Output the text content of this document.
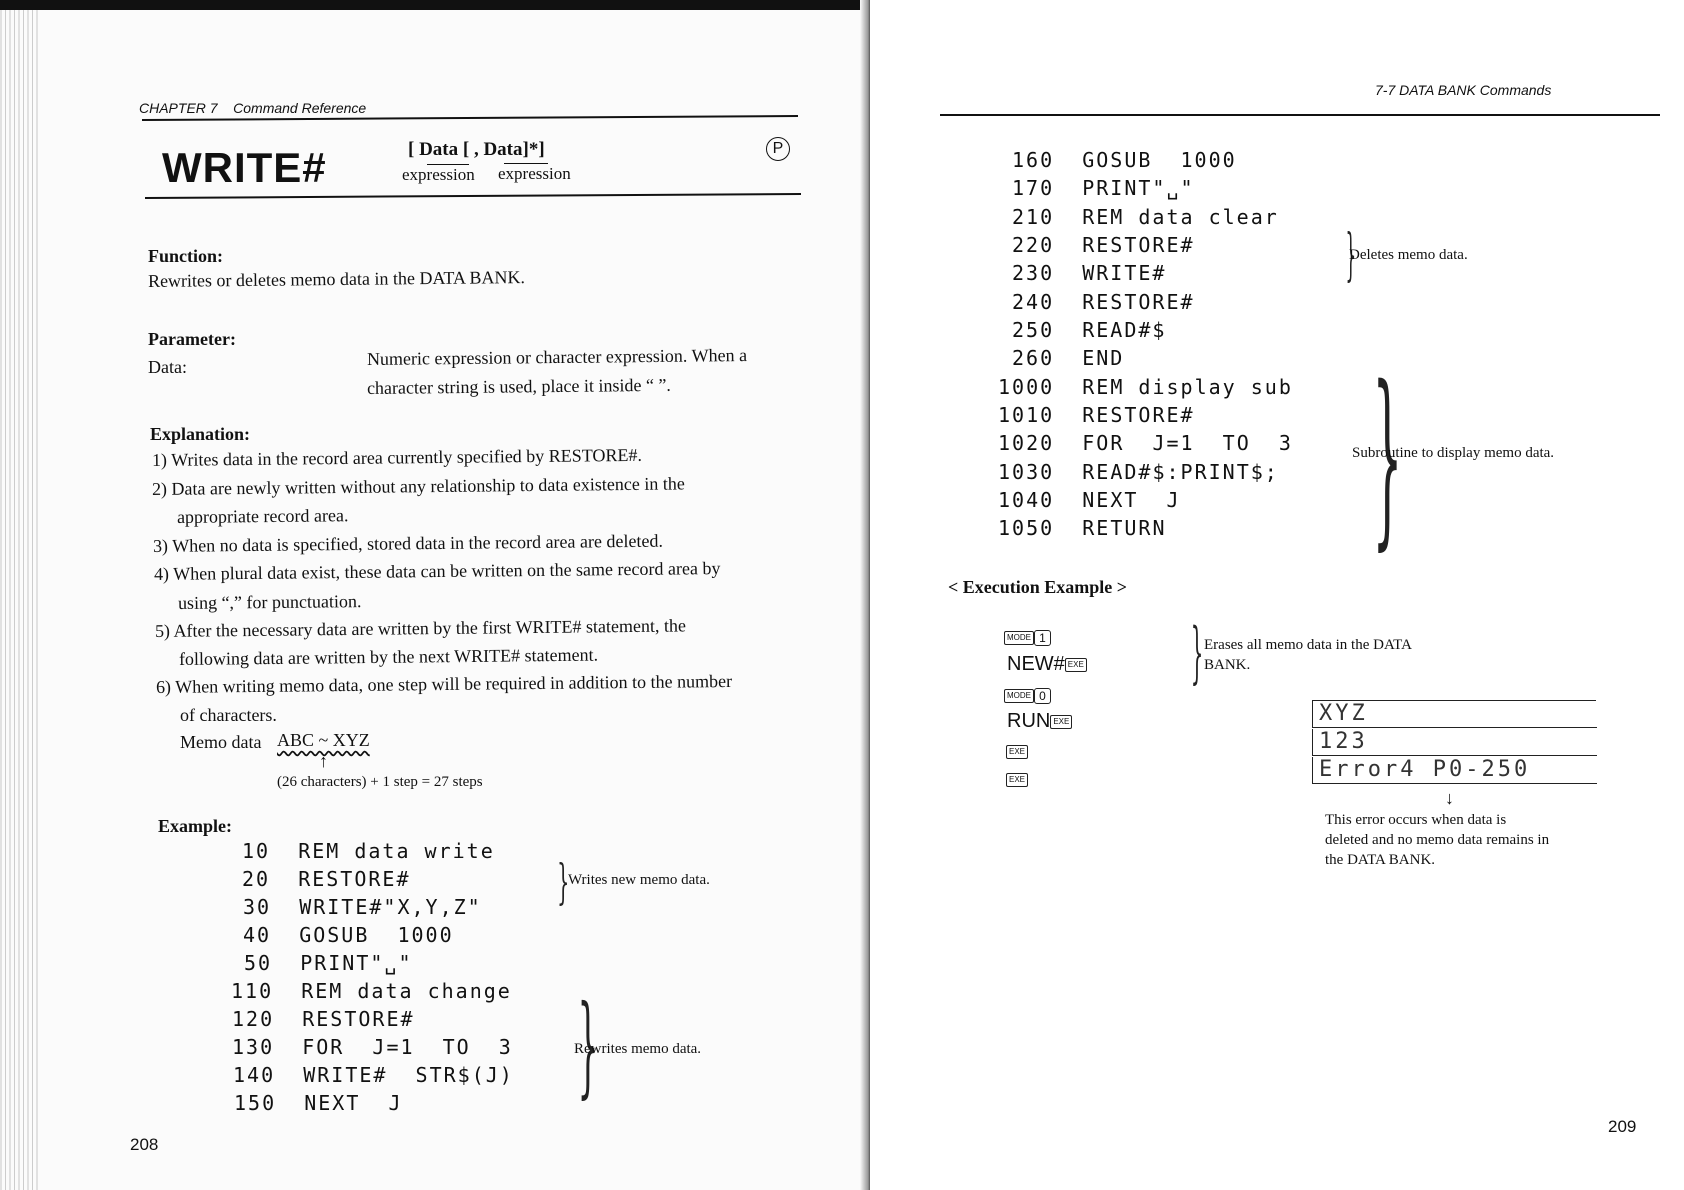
CHAPTER 7 Command Reference
WRITE#	[ Data [ , Data]*]
expression expression
P
Function:
Rewrites or deletes memo data in the DATA BANK.
Parameter:
Data:	Numeric expression or character expression. When a
character string is used, place it inside “ ”.
Explanation:
1) Writes data in the record area currently specified by RESTORE#.
2) Data are newly written without any relationship to data existence in the
appropriate record area.
3) When no data is specified, stored data in the record area are deleted.
4) When plural data exist, these data can be written on the same record area by
using “,” for punctuation.
5) After the necessary data are written by the first WRITE# statement, the
following data are written by the next WRITE# statement.
6) When writing memo data, one step will be required in addition to the number
of characters.
Memo data ABC ~ XYZ
↑
(26 characters) + 1 step = 27 steps
Example:
10 REM data write
20 RESTORE#
30 WRITE#"X,Y,Z"
40 GOSUB  1000
50 PRINT"␣"
110 REM data change
120 RESTORE#
130 FOR  J=1  TO  3
140 WRITE#  STR$(J)
150 NEXT  J
}
Writes new memo data.
}
Rewrites memo data.
208
7-7 DATA BANK Commands
160 GOSUB  1000
170 PRINT"␣"
210 REM data clear
220 RESTORE#
230 WRITE#
240 RESTORE#
250 READ#$
260 END
1000 REM display sub
1010 RESTORE#
1020 FOR  J=1  TO  3
1030 READ#$:PRINT$;
1040 NEXT  J
1050 RETURN
}
Deletes memo data.
}
Subroutine to display memo data.
< Execution Example >
MODE 1
NEW# EXE
MODE 0
RUN EXE
EXE
EXE
} Erases all memo data in the DATA
BANK.
XYZ
123
Error4 P0-250
↓
This error occurs when data is
deleted and no memo data remains in
the DATA BANK.
209
